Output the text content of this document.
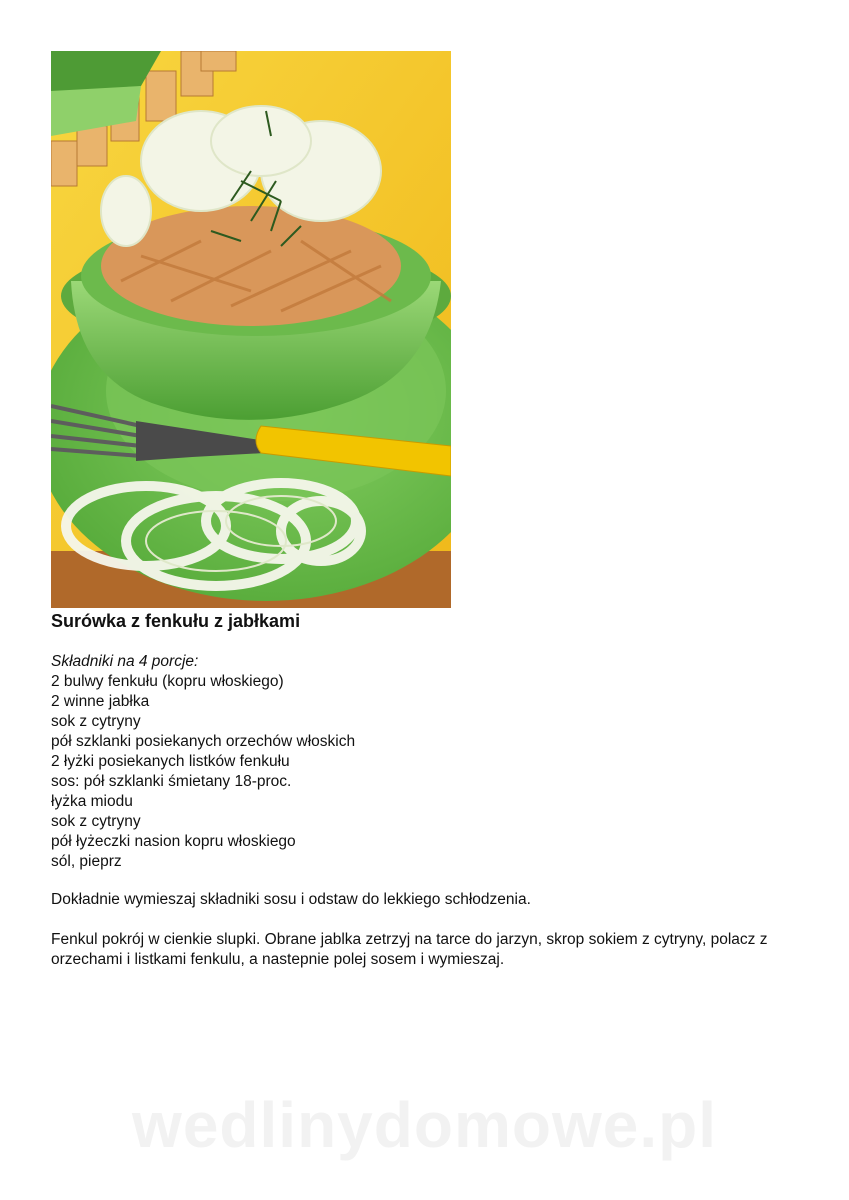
Surówka z fenkułu z jabłkami
Składniki na 4 porcje:
2 bulwy fenkułu (kopru włoskiego)
2 winne jabłka
sok z cytryny
pół szklanki posiekanych orzechów włoskich
2 łyżki posiekanych listków fenkułu
sos: pół szklanki śmietany 18-proc.
łyżka miodu
sok z cytryny
pół łyżeczki nasion kopru włoskiego
sól, pieprz

Dokładnie wymieszaj składniki sosu i odstaw do lekkiego schłodzenia.

Fenkul pokrój w cienkie slupki. Obrane jablka zetrzyj na tarce do jarzyn, skrop sokiem z cytryny, polacz z orzechami i listkami fenkulu, a nastepnie polej sosem i wymieszaj.

wedlinydomowe.pl
